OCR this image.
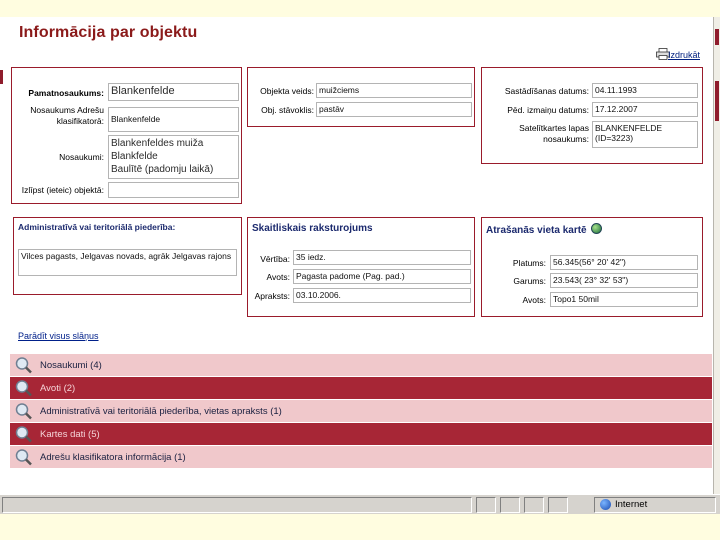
Informācija par objektu
Izdrukāt
Pamatnosaukums: Blankenfelde
Nosaukums Adrešu klasifikatorā: Blankenfelde
Nosaukumi:
Blankenfeldes muiža
Blankfelde
Baulītē (padomju laikā)
Izlīpst (ieteic) objektā:
Objekta veids: muižciems
Obj. stāvoklis: pastāv
Sastādīšanas datums: 04.11.1993
Pēd. izmaiņu datums: 17.12.2007
Satelītkartes lapas nosaukums:
BLANKENFELDE (ID=3223)
Administratīvā vai teritoriālā piederība:
Vilces pagasts, Jelgavas novads, agrāk Jelgavas rajons
Skaitliskais raksturojums
Vērtība: 35 iedz.
Avots: Pagasta padome (Pag. pad.)
Apraksts: 03.10.2006.
Atrašanās vieta kartē
Platums: 56.345(56° 20' 42")
Garums: 23.543( 23° 32' 53")
Avots: Topo1 50mil
Parādīt visus slāņus
Nosaukumi (4)
Avoti (2)
Administratīvā vai teritoriālā piederība, vietas apraksts (1)
Kartes dati (5)
Adrešu klasifikatora informācija (1)
Internet
